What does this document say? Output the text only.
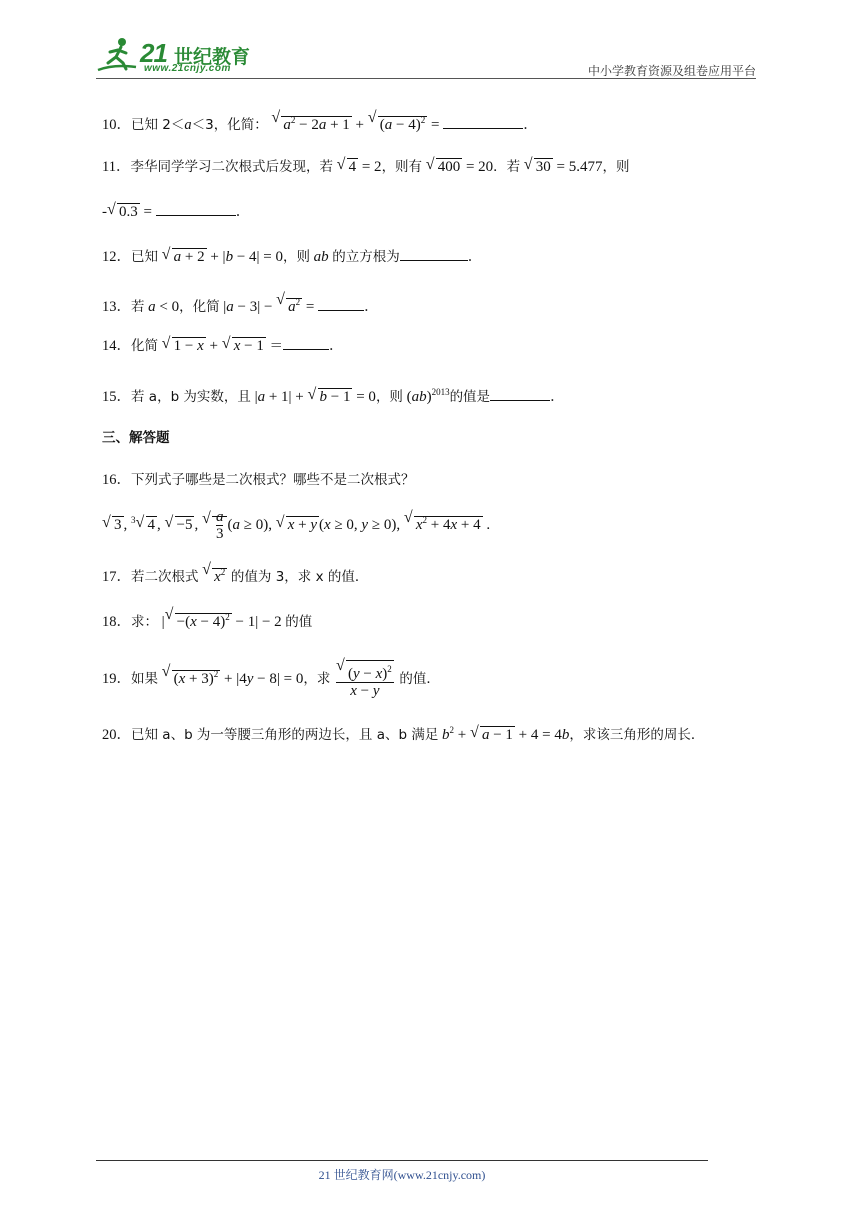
21 世纪教育
www.21cnjy.com	中小学教育资源及组卷应用平台
10．已知 2＜a＜3，化简： √ $a^2 - 2a + 1$ + √ $(a - 4)^2$ =	．
11．李华同学学习二次根式后发现，若 √ 4 = 2，则有 √ 400 = 20．若 √ 30 = 5.477，则
- √ 0.3 =	．
12．已知 √ a + 2 + |b − 4| = 0，则 ab 的立方根为	．
13．若 a < 0，化简 |a − 3| − √ $a^2$ =	．
14．化简 √ 1 − x + √ x − 1 ＝	．
15．若 a，b 为实数，且 |a + 1| + √ b − 1 = 0，则 (ab)$^{2013}$的值是	．
三、解答题
16．下列式子哪些是二次根式？哪些不是二次根式？
√ 3 , $^3$ √ 4 , √ −5 , √ $\frac{a}{3} (a \ge 0)$, √ x + y (x ≥ 0, y ≥ 0), √ $x^2 + 4x + 4$ .
17．若二次根式 √ $x^2$ 的值为 3，求 x 的值．
18．求： | √ $-(x - 4)^2 - 1| - 2$ 的值
19．如果 √ $(x + 3)^2 + |4y - 8| = 0$，求 √ $\frac{(y - x)^2}{x - y}$ 的值．
20．已知 a、b 为一等腰三角形的两边长，且 a、b 满足 $b^2$ + √ a − 1 + 4 = 4b，求该三角形的周长．
21 世纪教育网(www.21cnjy.com)
